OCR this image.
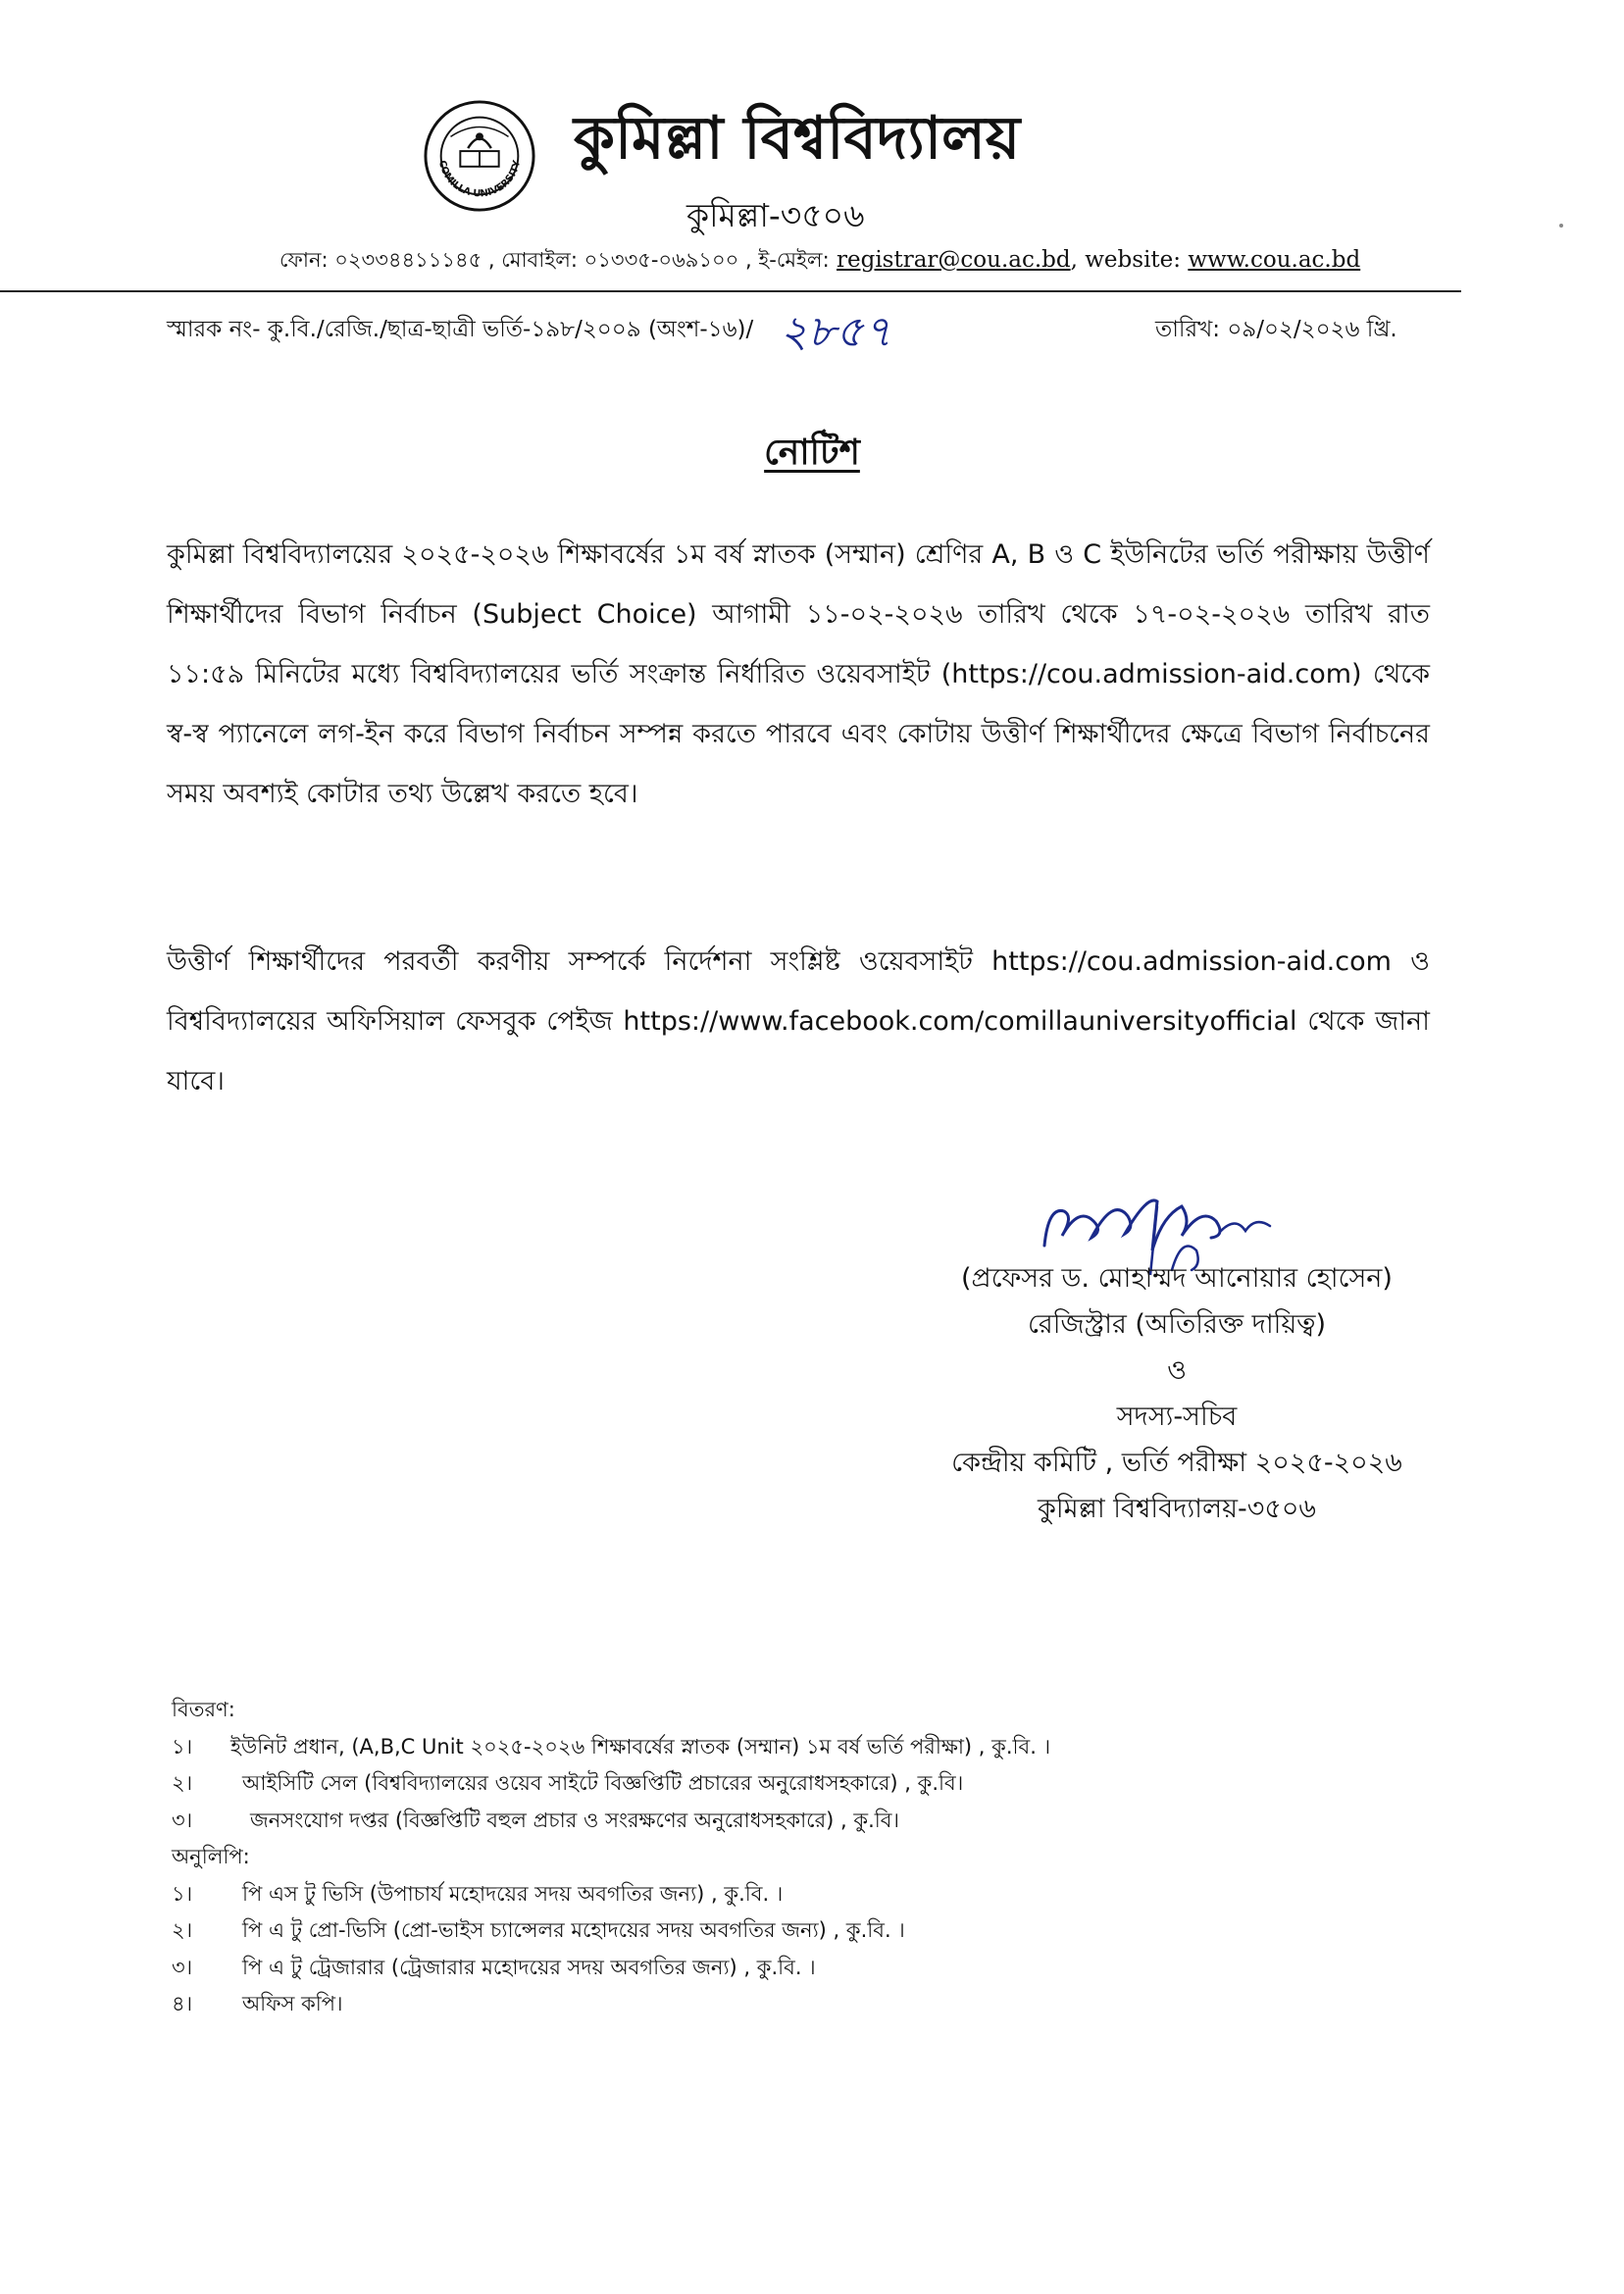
COMILLA UNIVERSITY কুমিল্লা বিশ্ববিদ্যালয়
কুমিল্লা-৩৫০৬
ফোন: ০২৩৩৪৪১১১৪৫ , মোবাইল: ০১৩৩৫-০৬৯১০০ , ই-মেইল: registrar@cou.ac.bd, website: www.cou.ac.bd
স্মারক নং- কু.বি./রেজি./ছাত্র-ছাত্রী ভর্তি-১৯৮/২০০৯ (অংশ-১৬)/ ২৮৫৭	তারিখ: ০৯/০২/২০২৬ খ্রি.
নোটিশ

কুমিল্লা বিশ্ববিদ্যালয়ের ২০২৫-২০২৬ শিক্ষাবর্ষের ১ম বর্ষ স্নাতক (সম্মান) শ্রেণির A, B ও C ইউনিটের ভর্তি পরীক্ষায় উত্তীর্ণ শিক্ষার্থীদের বিভাগ নির্বাচন (Subject Choice) আগামী ১১-০২-২০২৬ তারিখ থেকে ১৭-০২-২০২৬ তারিখ রাত ১১:৫৯ মিনিটের মধ্যে বিশ্ববিদ্যালয়ের ভর্তি সংক্রান্ত নির্ধারিত ওয়েবসাইট (https://cou.admission-aid.com) থেকে স্ব-স্ব প্যানেলে লগ-ইন করে বিভাগ নির্বাচন সম্পন্ন করতে পারবে এবং কোটায় উত্তীর্ণ শিক্ষার্থীদের ক্ষেত্রে বিভাগ নির্বাচনের সময় অবশ্যই কোটার তথ্য উল্লেখ করতে হবে।

উত্তীর্ণ শিক্ষার্থীদের পরবর্তী করণীয় সম্পর্কে নির্দেশনা সংশ্লিষ্ট ওয়েবসাইট https://cou.admission-aid.com ও বিশ্ববিদ্যালয়ের অফিসিয়াল ফেসবুক পেইজ https://www.facebook.com/comillauniversityofficial থেকে জানা যাবে।

(প্রফেসর ড. মোহাম্মদ আনোয়ার হোসেন)
রেজিস্ট্রার (অতিরিক্ত দায়িত্ব)
ও
সদস্য-সচিব
কেন্দ্রীয় কমিটি , ভর্তি পরীক্ষা ২০২৫-২০২৬
কুমিল্লা বিশ্ববিদ্যালয়-৩৫০৬
বিতরণ:
১।	ইউনিট প্রধান, (A,B,C Unit ২০২৫-২০২৬ শিক্ষাবর্ষের স্নাতক (সম্মান) ১ম বর্ষ ভর্তি পরীক্ষা) , কু.বি. ।
২।	আইসিটি সেল (বিশ্ববিদ্যালয়ের ওয়েব সাইটে বিজ্ঞপ্তিটি প্রচারের অনুরোধসহকারে) , কু.বি।
৩।	জনসংযোগ দপ্তর (বিজ্ঞপ্তিটি বহুল প্রচার ও সংরক্ষণের অনুরোধসহকারে) , কু.বি।
অনুলিপি:
১।	পি এস টু ভিসি (উপাচার্য মহোদয়ের সদয় অবগতির জন্য) , কু.বি. ।
২।	পি এ টু প্রো-ভিসি (প্রো-ভাইস চ্যান্সেলর মহোদয়ের সদয় অবগতির জন্য) , কু.বি. ।
৩।	পি এ টু ট্রেজারার (ট্রেজারার মহোদয়ের সদয় অবগতির জন্য) , কু.বি. ।
৪।	অফিস কপি।
